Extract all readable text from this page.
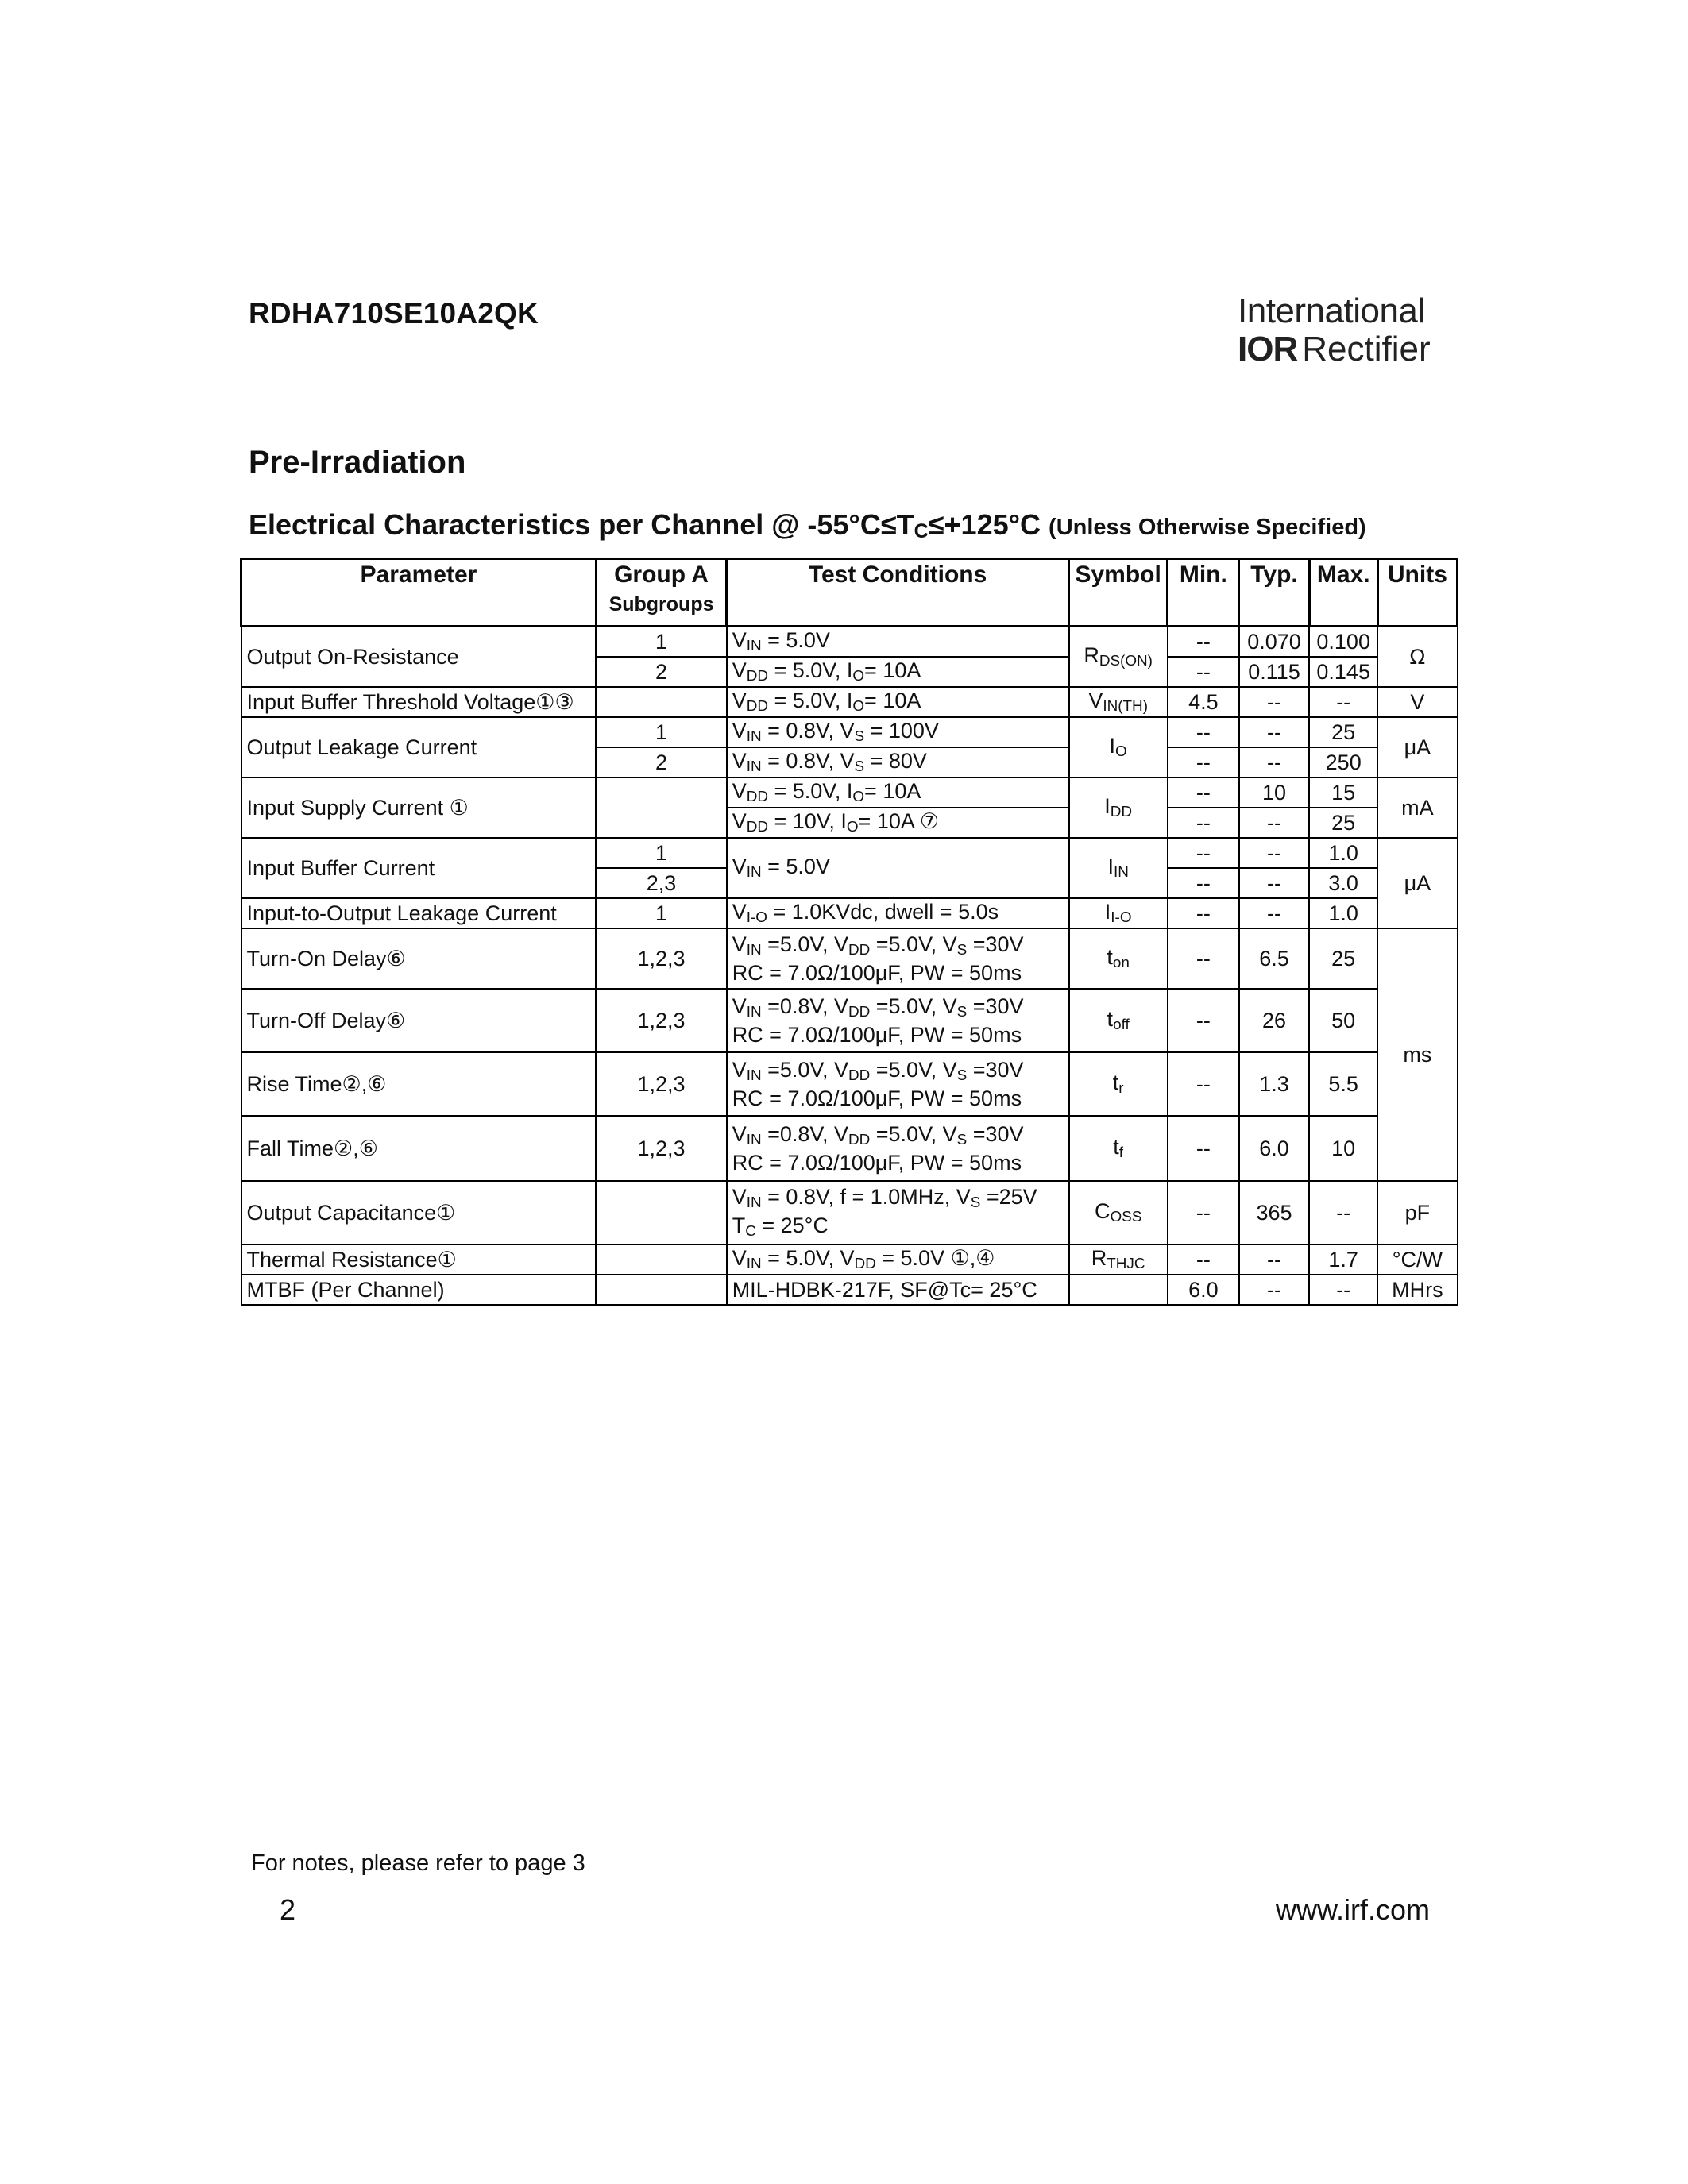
RDHA710SE10A2QK	International
IOR Rectifier
Pre-Irradiation
Electrical Characteristics per Channel @ $-55^\circ C\le T_C\le+125^\circ C$ (Unless Otherwise Specified)
Parameter	Group A
Subgroups	Test Conditions	Symbol	Min.	Typ.	Max.	Units
Output On-Resistance	1	$V_{IN} = 5.0V$	$R_{DS(ON)}$	--	0.070	0.100	Ω
	2	$V_{DD} = 5.0V$, $I_O= 10A$		--	0.115	0.145	
Input Buffer Threshold Voltage①③		$V_{DD} = 5.0V$, $I_O= 10A$	$V_{IN(TH)}$	4.5	--	--	V
Output Leakage Current	1	$V_{IN} = 0.8V$, $V_S = 100V$	$I_O$	--	--	25	μA
	2	$V_{IN} = 0.8V$, $V_S = 80V$		--	--	250	
Input Supply Current ①		$V_{DD} = 5.0V$, $I_O= 10A$	$I_{DD}$	--	10	15	mA
		$V_{DD} = 10V$, $I_O= 10A$ ⑦		--	--	25	
Input Buffer Current	1	$V_{IN} = 5.0V$	$I_{IN}$	--	--	1.0	μA
	2,3			--	--	3.0	
Input-to-Output Leakage Current	1	$V_{I-O}$ = 1.0KVdc, dwell = 5.0s	$I_{I-O}$	--	--	1.0	
Turn-On Delay⑥	1,2,3	$V_{IN} =5.0V$, $V_{DD} =5.0V$, $V_S =30V$
RC = 7.0Ω/100μF, PW = 50ms	$t_{on}$	--	6.5	25	ms
Turn-Off Delay⑥	1,2,3	$V_{IN} =0.8V$, $V_{DD} =5.0V$, $V_S =30V$
RC = 7.0Ω/100μF, PW = 50ms	$t_{off}$	--	26	50	
Rise Time②,⑥	1,2,3	$V_{IN} =5.0V$, $V_{DD} =5.0V$, $V_S =30V$
RC = 7.0Ω/100μF, PW = 50ms	$t_r$	--	1.3	5.5	
Fall Time②,⑥	1,2,3	$V_{IN} =0.8V$, $V_{DD} =5.0V$, $V_S =30V$
RC = 7.0Ω/100μF, PW = 50ms	$t_f$	--	6.0	10	
Output Capacitance①		$V_{IN} = 0.8V$, f = 1.0MHz, $V_S =25V$
$T_C = 25^\circ C$	$C_{OSS}$	--	365	--	pF
Thermal Resistance①		$V_{IN} = 5.0V$, $V_{DD} = 5.0V$ ①,④	$R_{THJC}$	--	--	1.7	°C/W
MTBF (Per Channel)		MIL-HDBK-217F, SF@Tc= 25°C		6.0	--	--	MHrs
For notes, please refer to page 3
2	www.irf.com
